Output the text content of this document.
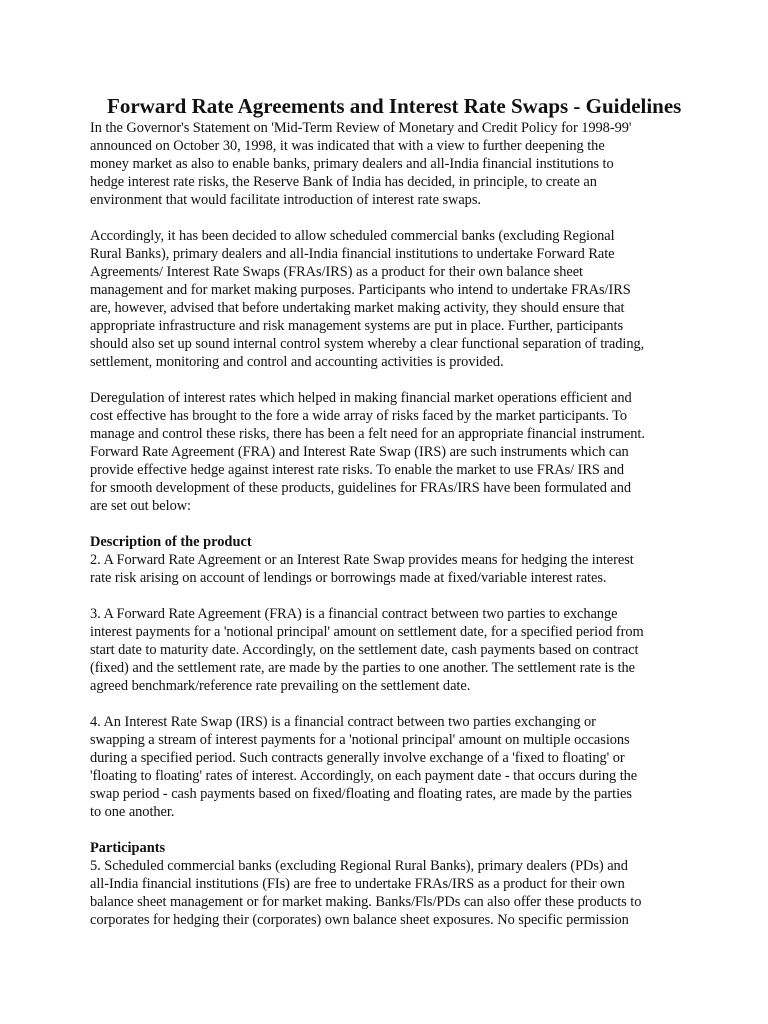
Forward Rate Agreements and Interest Rate Swaps - Guidelines

In the Governor's Statement on 'Mid-Term Review of Monetary and Credit Policy for 1998-99'
announced on October 30, 1998, it was indicated that with a view to further deepening the
money market as also to enable banks, primary dealers and all-India financial institutions to
hedge interest rate risks, the Reserve Bank of India has decided, in principle, to create an
environment that would facilitate introduction of interest rate swaps.

Accordingly, it has been decided to allow scheduled commercial banks (excluding Regional
Rural Banks), primary dealers and all-India financial institutions to undertake Forward Rate
Agreements/ Interest Rate Swaps (FRAs/IRS) as a product for their own balance sheet
management and for market making purposes. Participants who intend to undertake FRAs/IRS
are, however, advised that before undertaking market making activity, they should ensure that
appropriate infrastructure and risk management systems are put in place. Further, participants
should also set up sound internal control system whereby a clear functional separation of trading,
settlement, monitoring and control and accounting activities is provided.

Deregulation of interest rates which helped in making financial market operations efficient and
cost effective has brought to the fore a wide array of risks faced by the market participants. To
manage and control these risks, there has been a felt need for an appropriate financial instrument.
Forward Rate Agreement (FRA) and Interest Rate Swap (IRS) are such instruments which can
provide effective hedge against interest rate risks. To enable the market to use FRAs/ IRS and
for smooth development of these products, guidelines for FRAs/IRS have been formulated and
are set out below:

Description of the product

2. A Forward Rate Agreement or an Interest Rate Swap provides means for hedging the interest
rate risk arising on account of lendings or borrowings made at fixed/variable interest rates.

3. A Forward Rate Agreement (FRA) is a financial contract between two parties to exchange
interest payments for a 'notional principal' amount on settlement date, for a specified period from
start date to maturity date. Accordingly, on the settlement date, cash payments based on contract
(fixed) and the settlement rate, are made by the parties to one another. The settlement rate is the
agreed benchmark/reference rate prevailing on the settlement date.

4. An Interest Rate Swap (IRS) is a financial contract between two parties exchanging or
swapping a stream of interest payments for a 'notional principal' amount on multiple occasions
during a specified period. Such contracts generally involve exchange of a 'fixed to floating' or
'floating to floating' rates of interest. Accordingly, on each payment date - that occurs during the
swap period - cash payments based on fixed/floating and floating rates, are made by the parties
to one another.

Participants

5. Scheduled commercial banks (excluding Regional Rural Banks), primary dealers (PDs) and
all-India financial institutions (FIs) are free to undertake FRAs/IRS as a product for their own
balance sheet management or for market making. Banks/Fls/PDs can also offer these products to
corporates for hedging their (corporates) own balance sheet exposures. No specific permission
